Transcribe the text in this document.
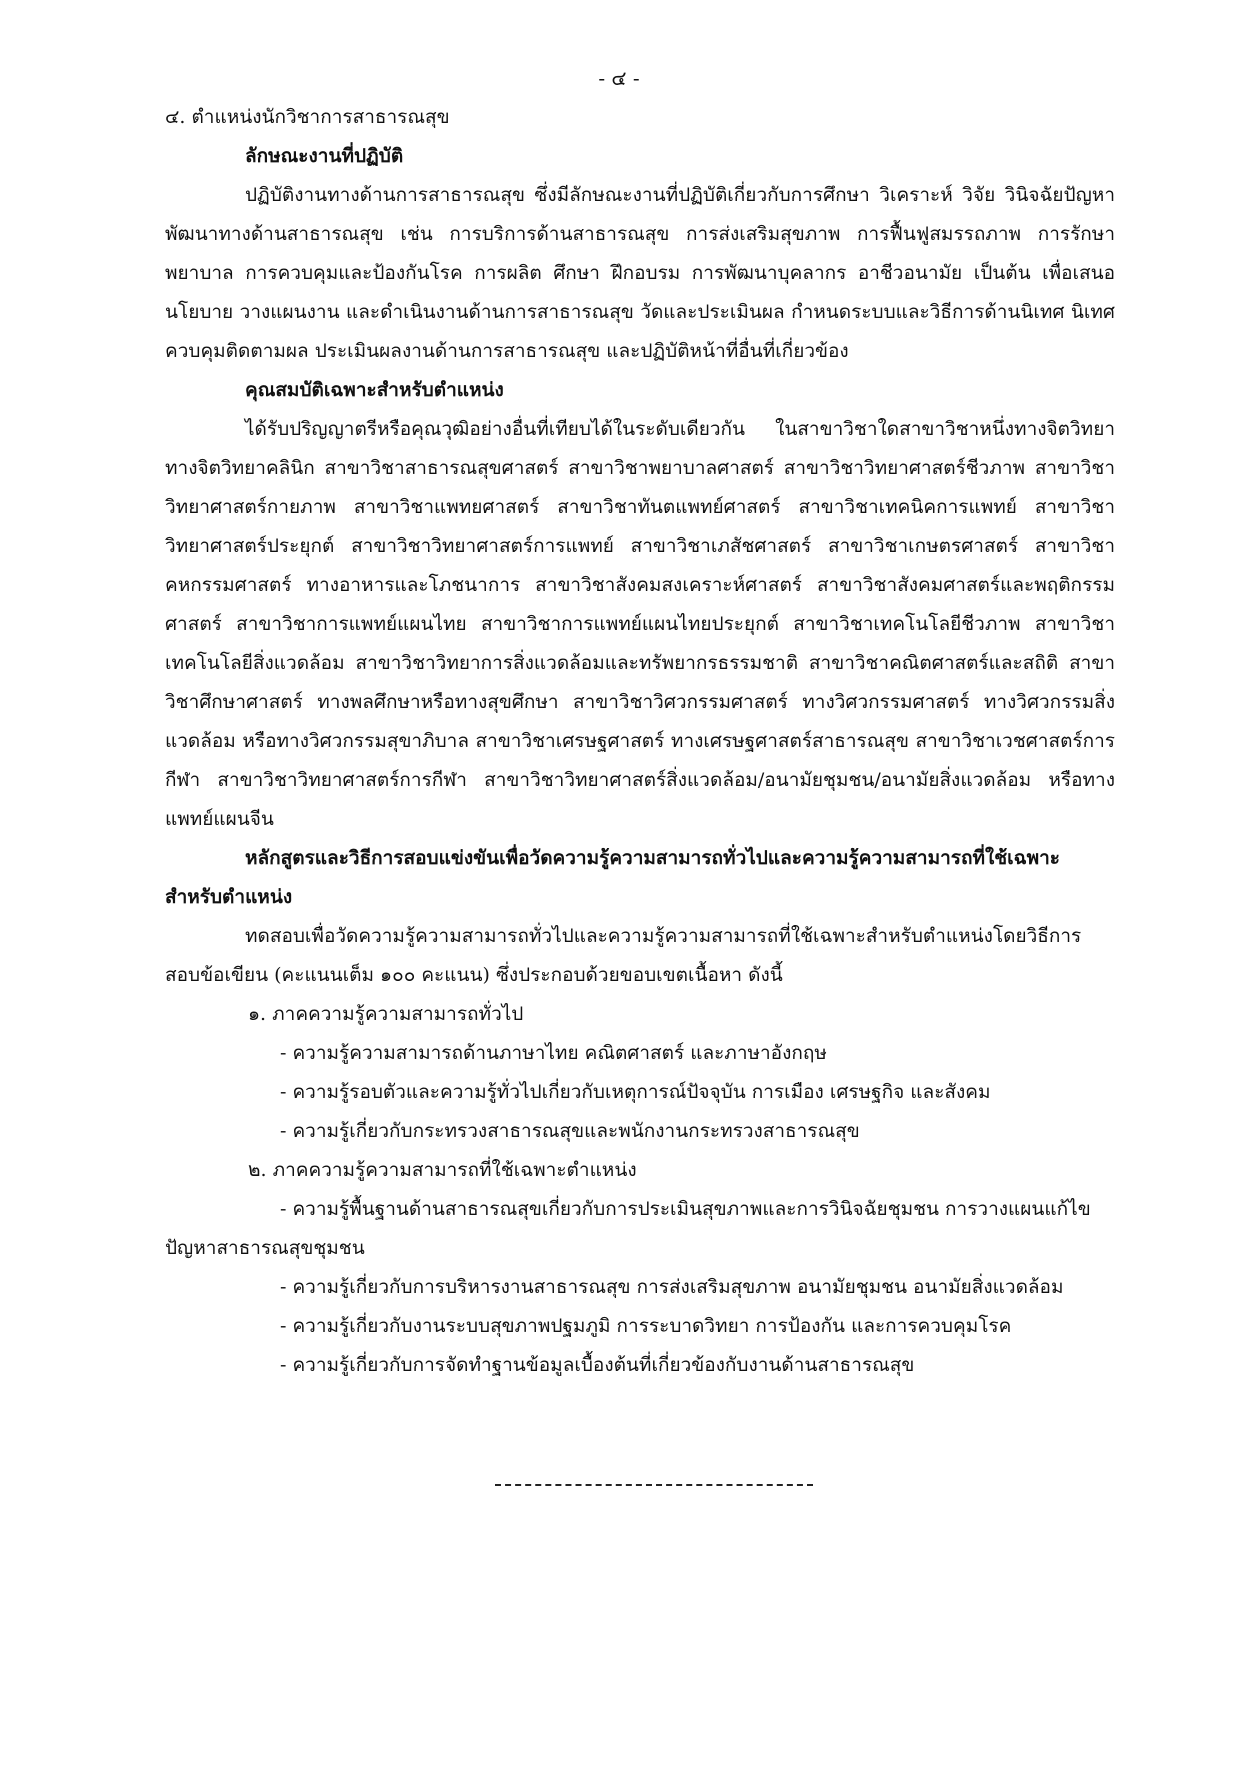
- ๔ -

๔. ตำแหน่งนักวิชาการสาธารณสุข

ลักษณะงานที่ปฏิบัติ

ปฏิบัติงานทางด้านการสาธารณสุข ซึ่งมีลักษณะงานที่ปฏิบัติเกี่ยวกับการศึกษา วิเคราะห์ วิจัย วินิจฉัยปัญหาพัฒนาทางด้านสาธารณสุข เช่น การบริการด้านสาธารณสุข การส่งเสริมสุขภาพ การฟื้นฟูสมรรถภาพ การรักษาพยาบาล การควบคุมและป้องกันโรค การผลิต ศึกษา ฝึกอบรม การพัฒนาบุคลากร อาชีวอนามัย เป็นต้น เพื่อเสนอนโยบาย วางแผนงาน และดำเนินงานด้านการสาธารณสุข วัดและประเมินผล กำหนดระบบและวิธีการด้านนิเทศ นิเทศควบคุมติดตามผล ประเมินผลงานด้านการสาธารณสุข และปฏิบัติหน้าที่อื่นที่เกี่ยวข้อง

คุณสมบัติเฉพาะสำหรับตำแหน่ง

ได้รับปริญญาตรีหรือคุณวุฒิอย่างอื่นที่เทียบได้ในระดับเดียวกัน ในสาขาวิชาใดสาขาวิชาหนึ่งทางจิตวิทยา ทางจิตวิทยาคลินิก สาขาวิชาสาธารณสุขศาสตร์ สาขาวิชาพยาบาลศาสตร์ สาขาวิชาวิทยาศาสตร์ชีวภาพ สาขาวิชาวิทยาศาสตร์กายภาพ สาขาวิชาแพทยศาสตร์ สาขาวิชาทันตแพทย์ศาสตร์ สาขาวิชาเทคนิคการแพทย์ สาขาวิชาวิทยาศาสตร์ประยุกต์ สาขาวิชาวิทยาศาสตร์การแพทย์ สาขาวิชาเภสัชศาสตร์ สาขาวิชาเกษตรศาสตร์ สาขาวิชาคหกรรมศาสตร์ ทางอาหารและโภชนาการ สาขาวิชาสังคมสงเคราะห์ศาสตร์ สาขาวิชาสังคมศาสตร์และพฤติกรรมศาสตร์ สาขาวิชาการแพทย์แผนไทย สาขาวิชาการแพทย์แผนไทยประยุกต์ สาขาวิชาเทคโนโลยีชีวภาพ สาขาวิชาเทคโนโลยีสิ่งแวดล้อม สาขาวิชาวิทยาการสิ่งแวดล้อมและทรัพยากรธรรมชาติ สาขาวิชาคณิตศาสตร์และสถิติ สาขาวิชาศึกษาศาสตร์ ทางพลศึกษาหรือทางสุขศึกษา สาขาวิชาวิศวกรรมศาสตร์ ทางวิศวกรรมศาสตร์ ทางวิศวกรรมสิ่งแวดล้อม หรือทางวิศวกรรมสุขาภิบาล สาขาวิชาเศรษฐศาสตร์ ทางเศรษฐศาสตร์สาธารณสุข สาขาวิชาเวชศาสตร์การกีฬา สาขาวิชาวิทยาศาสตร์การกีฬา สาขาวิชาวิทยาศาสตร์สิ่งแวดล้อม/อนามัยชุมชน/อนามัยสิ่งแวดล้อม หรือทางแพทย์แผนจีน

หลักสูตรและวิธีการสอบแข่งขันเพื่อวัดความรู้ความสามารถทั่วไปและความรู้ความสามารถที่ใช้เฉพาะสำหรับตำแหน่ง

ทดสอบเพื่อวัดความรู้ความสามารถทั่วไปและความรู้ความสามารถที่ใช้เฉพาะสำหรับตำแหน่งโดยวิธีการสอบข้อเขียน (คะแนนเต็ม ๑๐๐ คะแนน) ซึ่งประกอบด้วยขอบเขตเนื้อหา ดังนี้

๑. ภาคความรู้ความสามารถทั่วไป

- ความรู้ความสามารถด้านภาษาไทย คณิตศาสตร์ และภาษาอังกฤษ

- ความรู้รอบตัวและความรู้ทั่วไปเกี่ยวกับเหตุการณ์ปัจจุบัน การเมือง เศรษฐกิจ และสังคม

- ความรู้เกี่ยวกับกระทรวงสาธารณสุขและพนักงานกระทรวงสาธารณสุข

๒. ภาคความรู้ความสามารถที่ใช้เฉพาะตำแหน่ง

- ความรู้พื้นฐานด้านสาธารณสุขเกี่ยวกับการประเมินสุขภาพและการวินิจฉัยชุมชน การวางแผนแก้ไขปัญหาสาธารณสุขชุมชน

- ความรู้เกี่ยวกับการบริหารงานสาธารณสุข การส่งเสริมสุขภาพ อนามัยชุมชน อนามัยสิ่งแวดล้อม

- ความรู้เกี่ยวกับงานระบบสุขภาพปฐมภูมิ การระบาดวิทยา การป้องกัน และการควบคุมโรค

- ความรู้เกี่ยวกับการจัดทำฐานข้อมูลเบื้องต้นที่เกี่ยวข้องกับงานด้านสาธารณสุข
